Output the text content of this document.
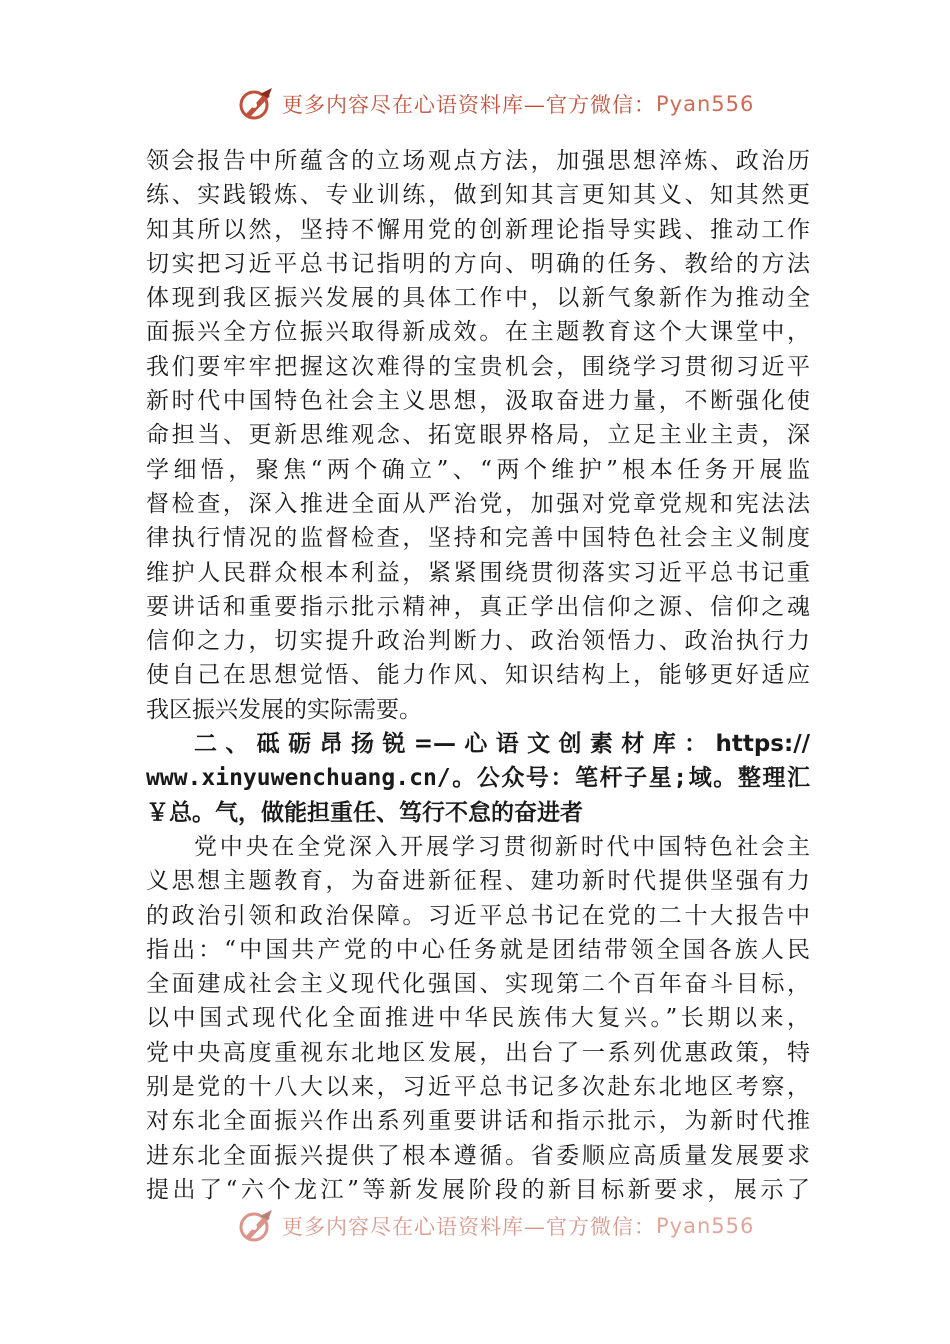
更多内容尽在心语资料库—官方微信： Pyan556
领会报告中所蕴含的立场观点方法，加强思想淬炼、政治历
练、实践锻炼、专业训练，做到知其言更知其义、知其然更
知其所以然，坚持不懈用党的创新理论指导实践、推动工作
切实把习近平总书记指明的方向、明确的任务、教给的方法
体现到我区振兴发展的具体工作中，以新气象新作为推动全
面振兴全方位振兴取得新成效。在主题教育这个大课堂中，
我们要牢牢把握这次难得的宝贵机会，围绕学习贯彻习近平
新时代中国特色社会主义思想，汲取奋进力量，不断强化使
命担当、更新思维观念、拓宽眼界格局，立足主业主责，深
学细悟，聚焦“两个确立”、“两个维护”根本任务开展监
督检查，深入推进全面从严治党，加强对党章党规和宪法法
律执行情况的监督检查，坚持和完善中国特色社会主义制度
维护人民群众根本利益，紧紧围绕贯彻落实习近平总书记重
要讲话和重要指示批示精神，真正学出信仰之源、信仰之魂
信仰之力，切实提升政治判断力、政治领悟力、政治执行力
使自己在思想觉悟、能力作风、知识结构上，能够更好适应
我区振兴发展的实际需要。
二、砥砺昂扬锐=—心语文创素材库：https://
www.xinyuwenchuang.cn/。公众号：笔杆子星;域。整理汇
￥总。气，做能担重任、笃行不怠的奋进者
党中央在全党深入开展学习贯彻新时代中国特色社会主
义思想主题教育，为奋进新征程、建功新时代提供坚强有力
的政治引领和政治保障。习近平总书记在党的二十大报告中
指出：“中国共产党的中心任务就是团结带领全国各族人民
全面建成社会主义现代化强国、实现第二个百年奋斗目标，
以中国式现代化全面推进中华民族伟大复兴。”长期以来，
党中央高度重视东北地区发展，出台了一系列优惠政策，特
别是党的十八大以来，习近平总书记多次赴东北地区考察，
对东北全面振兴作出系列重要讲话和指示批示，为新时代推
进东北全面振兴提供了根本遵循。省委顺应高质量发展要求
提出了“六个龙江”等新发展阶段的新目标新要求，展示了
更多内容尽在心语资料库—官方微信： Pyan556
